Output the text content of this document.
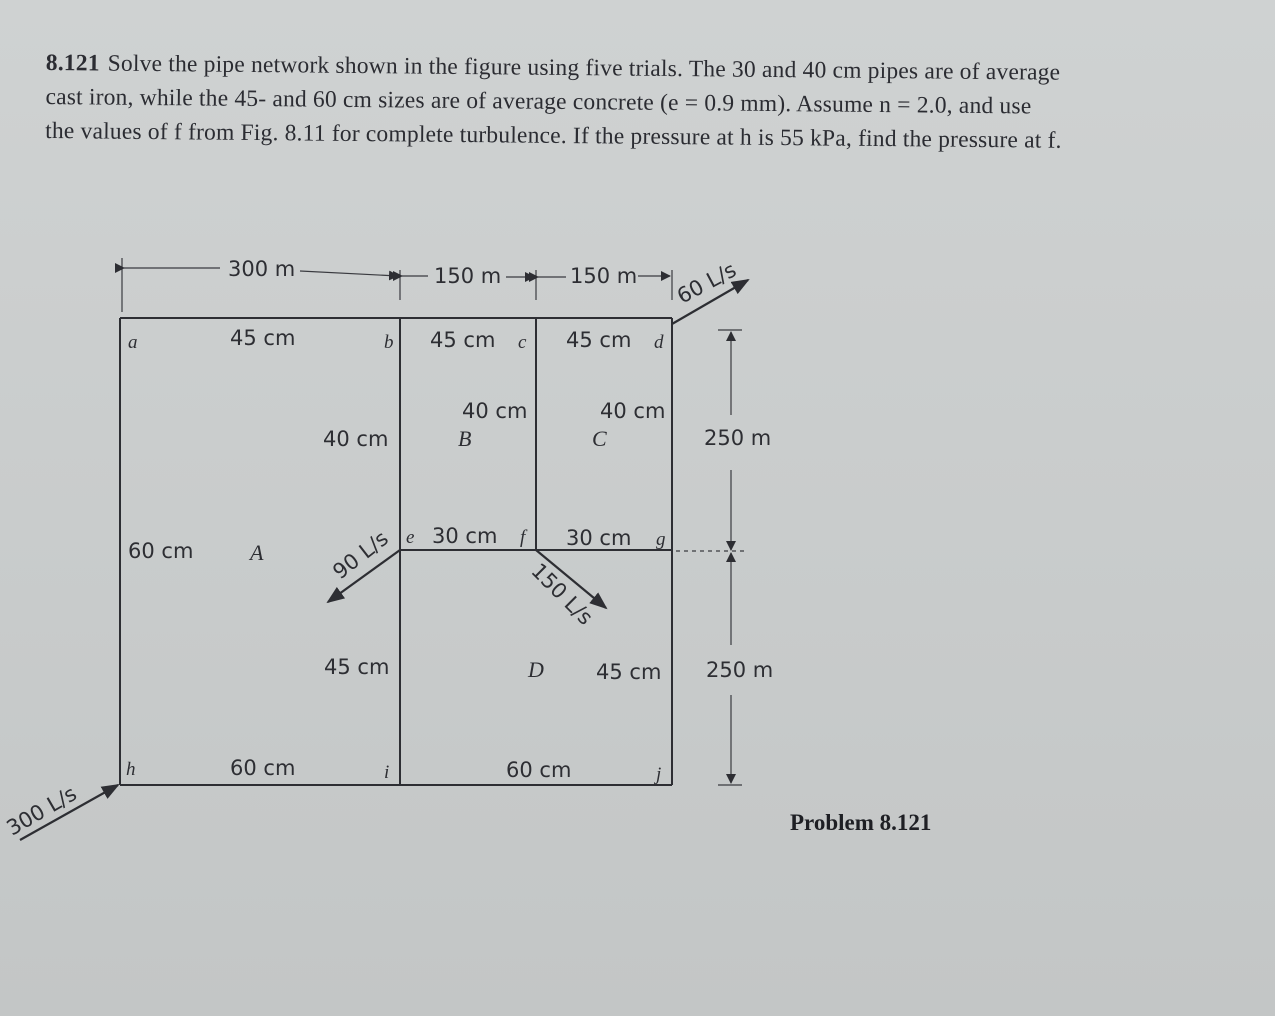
8.121 Solve the pipe network shown in the figure using five trials. The 30 and 40 cm pipes are of average
cast iron, while the 45- and 60 cm sizes are of average concrete (e = 0.9 mm). Assume n = 2.0, and use
the values of f from Fig. 8.11 for complete turbulence. If the pressure at h is 55 kPa, find the pressure at f.
300 m	150 m	150 m
250 m
250 m
45 cm	45 cm	45 cm
40 cm
40 cm	40 cm
60 cm
30 cm	30 cm
45 cm	45 cm
60 cm	60 cm
a	b	c	d
e	f	g
h	i	j
A
B	C
D
60 L/s
90 L/s
150 L/s
300 L/s	Problem 8.121
